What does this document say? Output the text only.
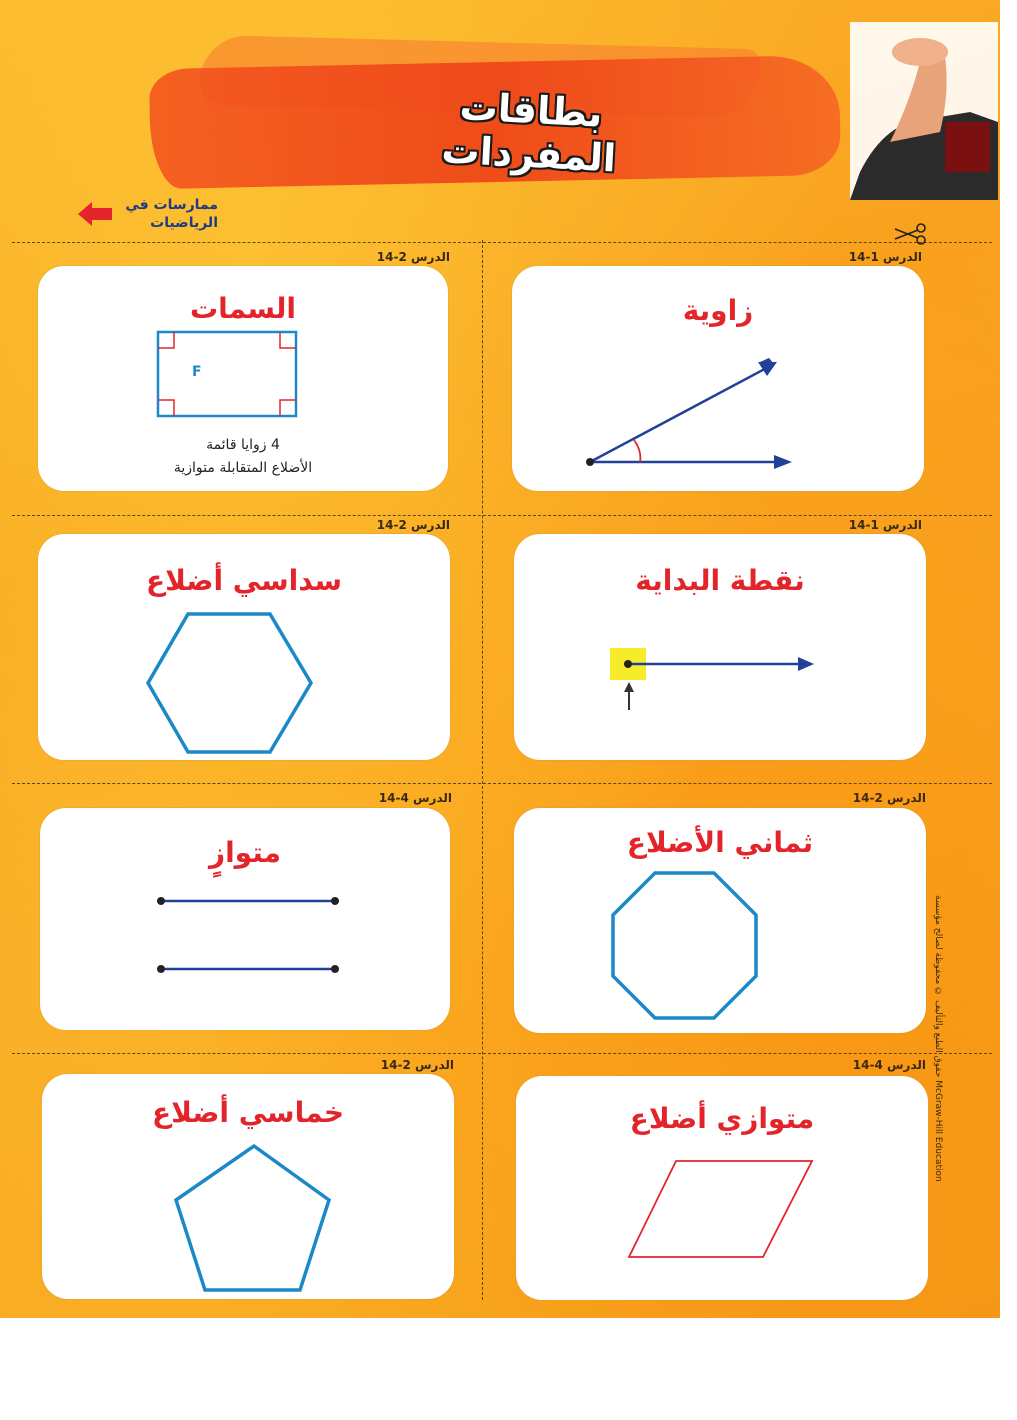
بطاقات المفردات
ممارسات في
الرياضيات
الدرس 2-14	الدرس 1-14
الدرس 2-14	الدرس 1-14
الدرس 4-14	الدرس 2-14
الدرس 2-14	الدرس 4-14
السمات
F
4 زوايا قائمة
الأضلاع المتقابلة متوازية
زاوية
سداسي أضلاع	نقطة البداية
متوازٍ	ثماني الأضلاع
خماسي أضلاع	متوازي أضلاع
حقوق الطبع والتأليف © محفوظة لصالح مؤسسة McGraw-Hill Education
